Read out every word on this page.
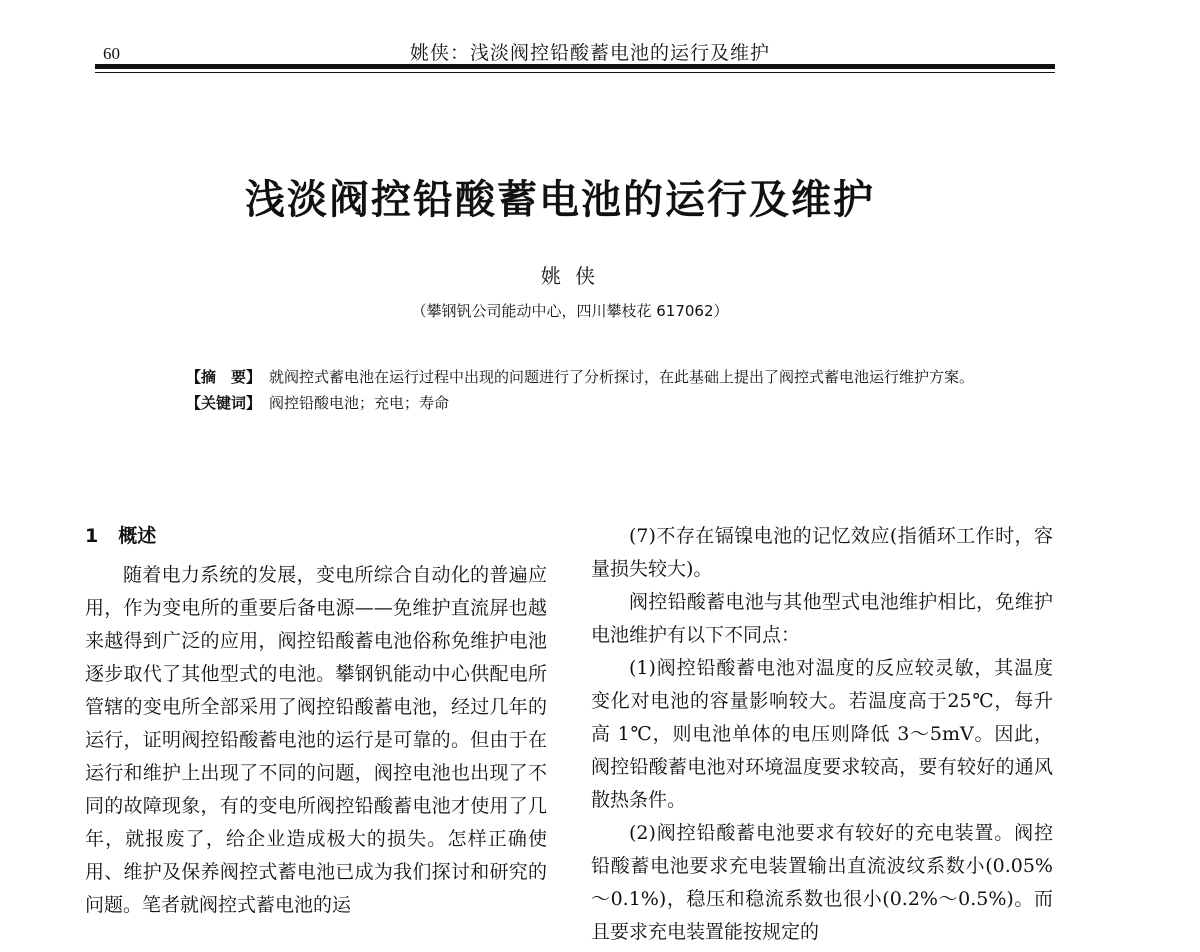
60	姚侠：浅淡阀控铅酸蓄电池的运行及维护
浅淡阀控铅酸蓄电池的运行及维护
姚 侠
（攀钢钒公司能动中心，四川攀枝花 617062）

【摘　要】 就阀控式蓄电池在运行过程中出现的问题进行了分析探讨，在此基础上提出了阀控式蓄电池运行维护方案。

【关键词】 阀控铅酸电池；充电；寿命

1 概述

随着电力系统的发展，变电所综合自动化的普遍应用，作为变电所的重要后备电源——免维护直流屏也越来越得到广泛的应用，阀控铅酸蓄电池俗称免维护电池逐步取代了其他型式的电池。攀钢钒能动中心供配电所管辖的变电所全部采用了阀控铅酸蓄电池，经过几年的运行，证明阀控铅酸蓄电池的运行是可靠的。但由于在运行和维护上出现了不同的问题，阀控电池也出现了不同的故障现象，有的变电所阀控铅酸蓄电池才使用了几年，就报废了，给企业造成极大的损失。怎样正确使用、维护及保养阀控式蓄电池已成为我们探讨和研究的问题。笔者就阀控式蓄电池的运

(7)不存在镉镍电池的记忆效应(指循环工作时，容量损失较大)。

阀控铅酸蓄电池与其他型式电池维护相比，免维护电池维护有以下不同点：

(1)阀控铅酸蓄电池对温度的反应较灵敏，其温度变化对电池的容量影响较大。若温度高于25℃，每升高 1℃，则电池单体的电压则降低 3～5mV。因此，阀控铅酸蓄电池对环境温度要求较高，要有较好的通风散热条件。

(2)阀控铅酸蓄电池要求有较好的充电装置。阀控铅酸蓄电池要求充电装置输出直流波纹系数小(0.05%～0.1%)，稳压和稳流系数也很小(0.2%～0.5%)。而且要求充电装置能按规定的
